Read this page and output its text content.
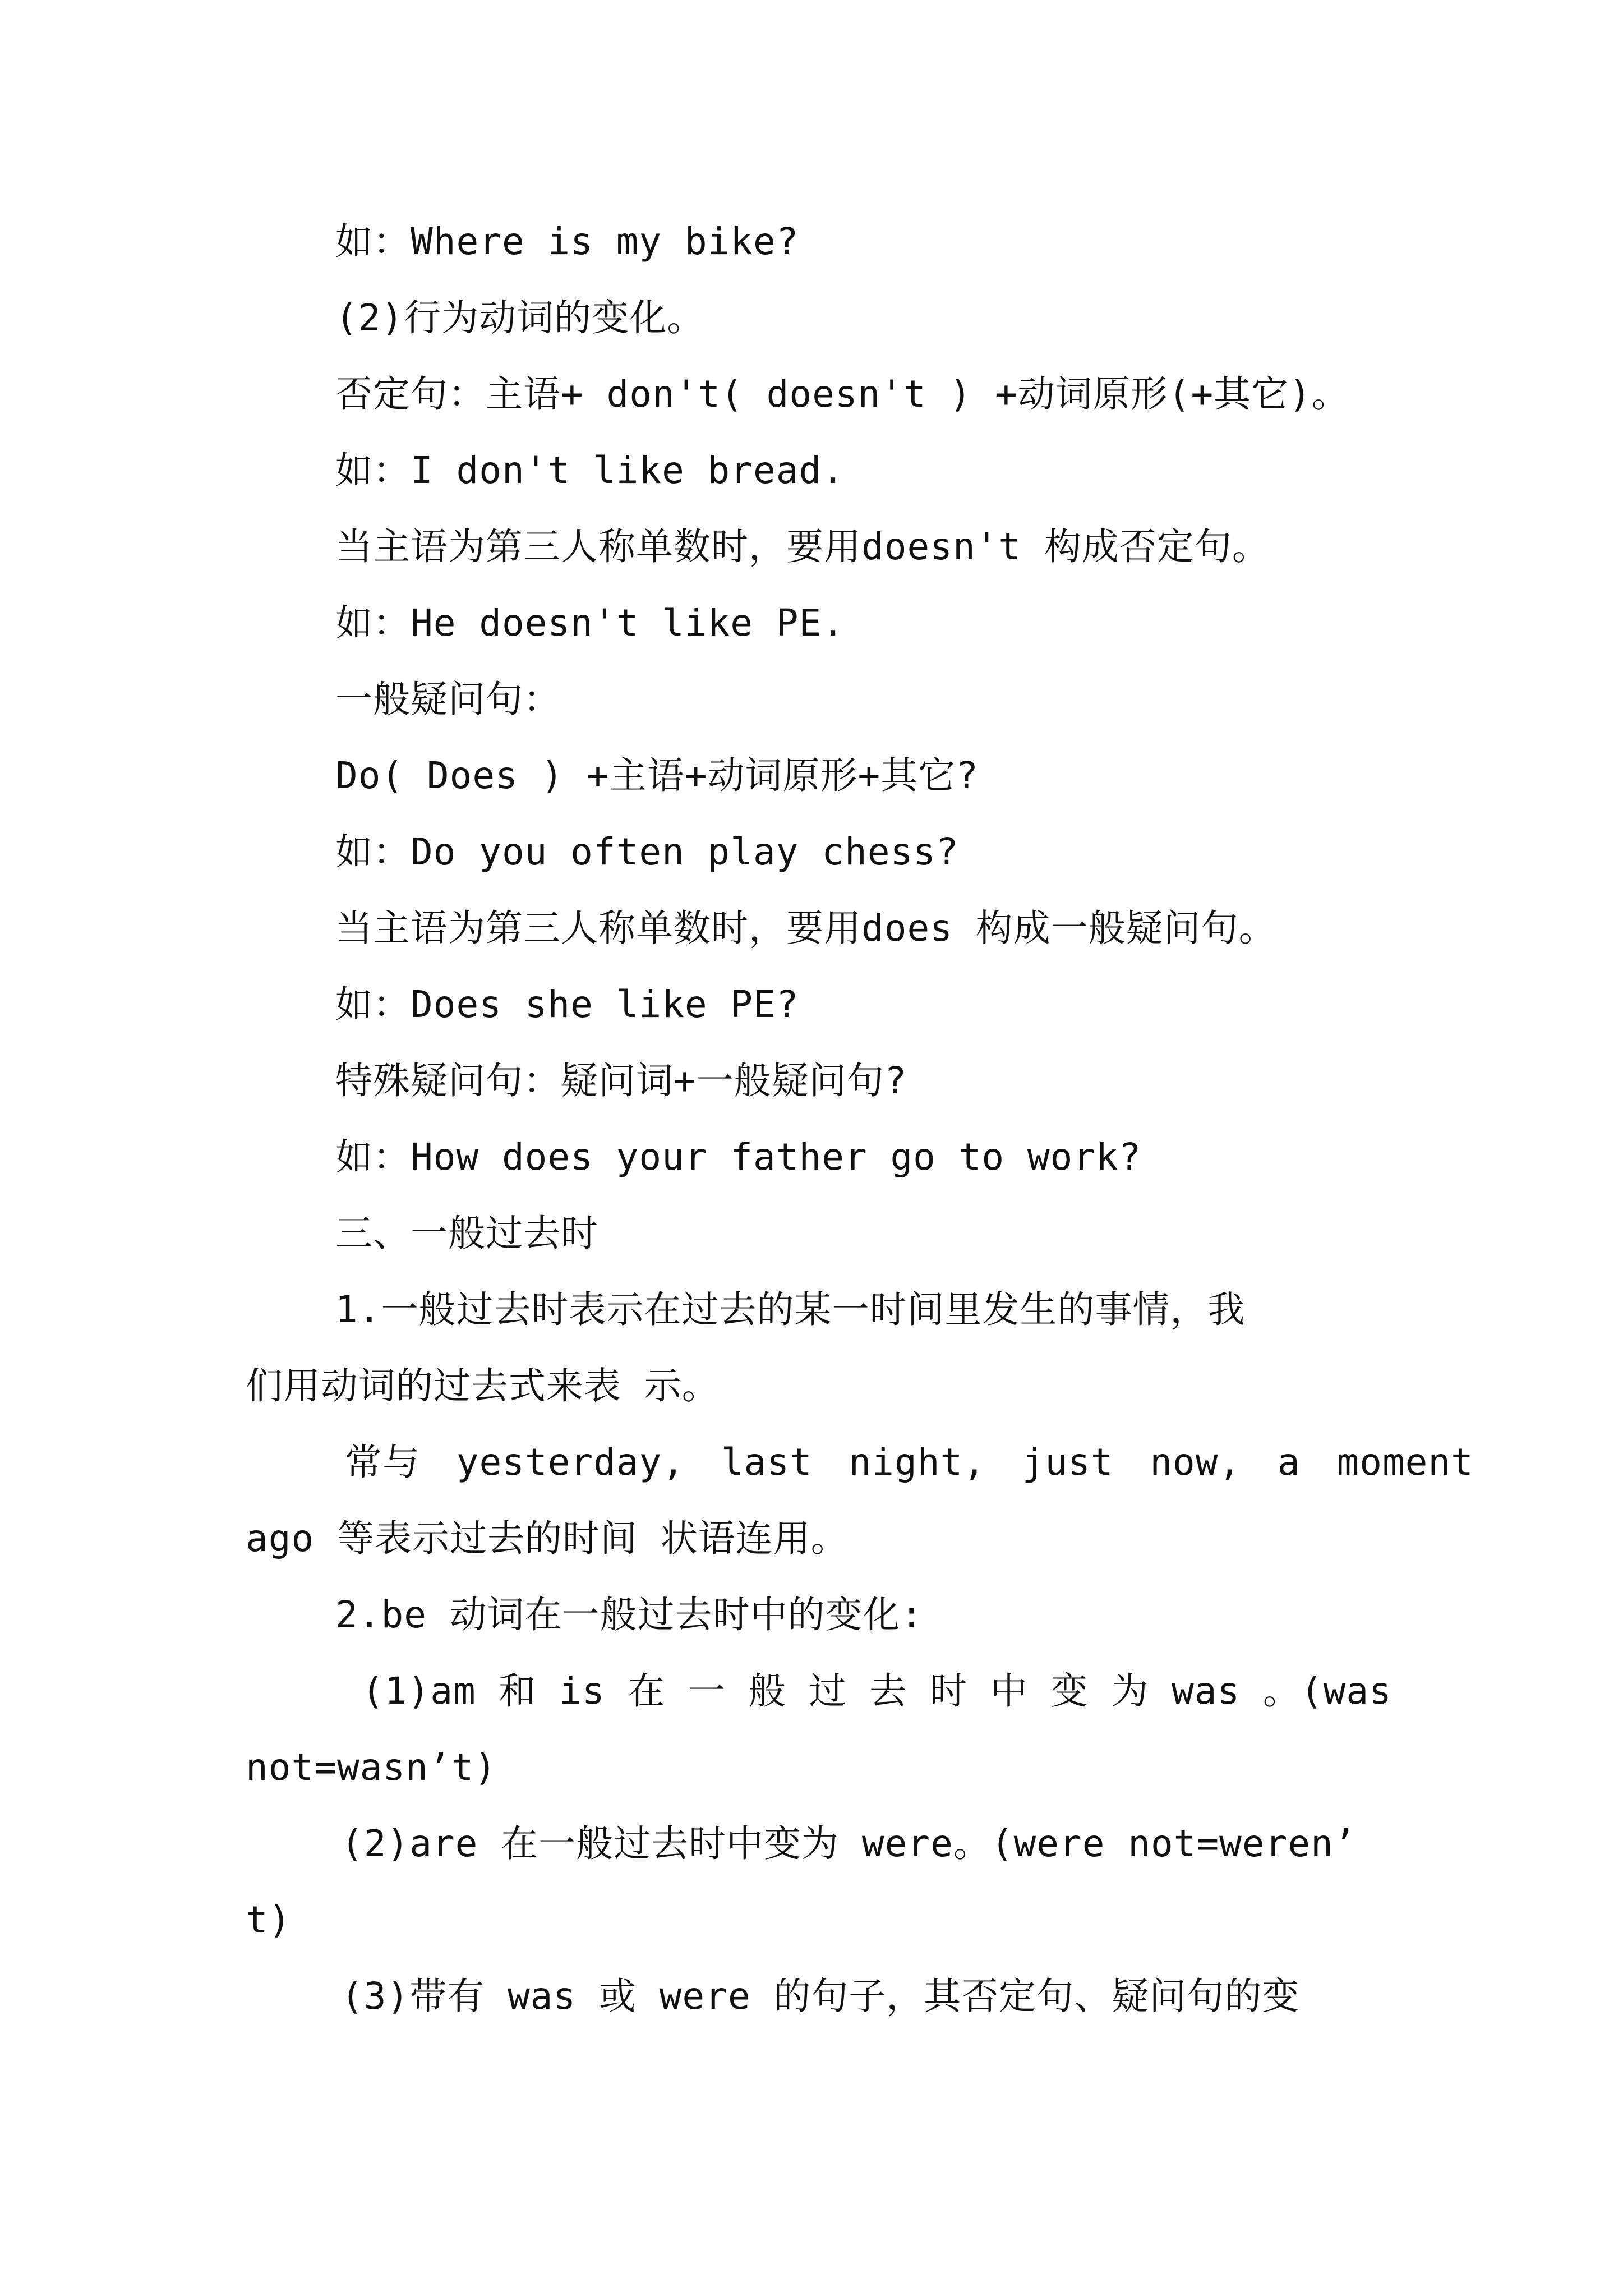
如：Where is my bike?
(2)行为动词的变化。
否定句：主语+ don't( doesn't ) +动词原形(+其它)。
如：I don't like bread.
当主语为第三人称单数时，要用doesn't 构成否定句。
如：He doesn't like PE.
一般疑问句：
Do( Does ) +主语+动词原形+其它?
如：Do you often play chess?
当主语为第三人称单数时，要用does 构成一般疑问句。
如：Does she like PE?
特殊疑问句：疑问词+一般疑问句?
如：How does your father go to work?
三、一般过去时
1.一般过去时表示在过去的某一时间里发生的事情，我
们用动词的过去式来表 示。
常与 yesterday, last night, just now, a moment
ago 等表示过去的时间 状语连用。
2.be 动词在一般过去时中的变化:
(1)am 和 is 在 一 般 过 去 时 中 变 为 was 。(was
not=wasn’t)
(2)are 在一般过去时中变为 were。(were not=weren’
t)
(3)带有 was 或 were 的句子，其否定句、疑问句的变
